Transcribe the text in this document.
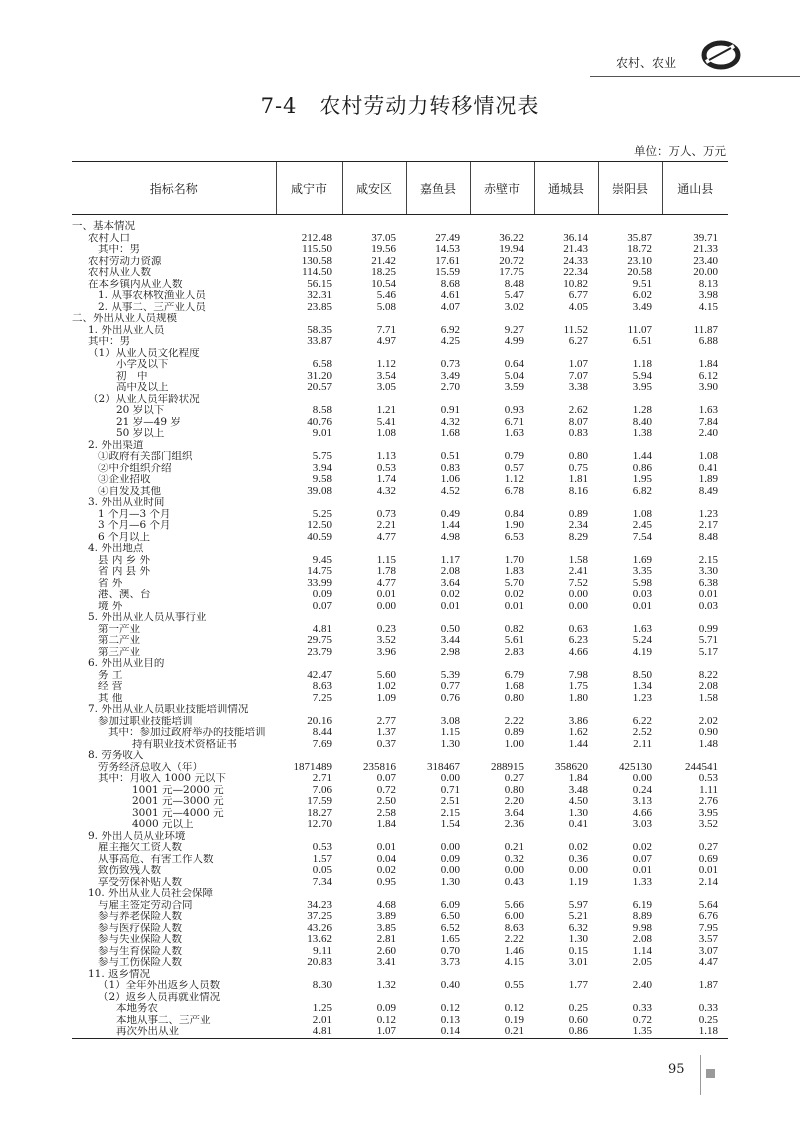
农村、农业
7-4　农村劳动力转移情况表
单位：万人、万元
指标名称	咸宁市	咸安区	嘉鱼县	赤壁市	通城县	崇阳县	通山县
一、基本情况							
农村人口	212.48	37.05	27.49	36.22	36.14	35.87	39.71
其中：男	115.50	19.56	14.53	19.94	21.43	18.72	21.33
农村劳动力资源	130.58	21.42	17.61	20.72	24.33	23.10	23.40
农村从业人数	114.50	18.25	15.59	17.75	22.34	20.58	20.00
在本乡镇内从业人数	56.15	10.54	8.68	8.48	10.82	9.51	8.13
1. 从事农林牧渔业人员	32.31	5.46	4.61	5.47	6.77	6.02	3.98
2. 从事二、三产业人员	23.85	5.08	4.07	3.02	4.05	3.49	4.15
二、外出从业人员规模							
1. 外出从业人员	58.35	7.71	6.92	9.27	11.52	11.07	11.87
其中：男	33.87	4.97	4.25	4.99	6.27	6.51	6.88
（1）从业人员文化程度							
小学及以下	6.58	1.12	0.73	0.64	1.07	1.18	1.84
初　中	31.20	3.54	3.49	5.04	7.07	5.94	6.12
高中及以上	20.57	3.05	2.70	3.59	3.38	3.95	3.90
（2）从业人员年龄状况							
20 岁以下	8.58	1.21	0.91	0.93	2.62	1.28	1.63
21 岁—49 岁	40.76	5.41	4.32	6.71	8.07	8.40	7.84
50 岁以上	9.01	1.08	1.68	1.63	0.83	1.38	2.40
2. 外出渠道							
①政府有关部门组织	5.75	1.13	0.51	0.79	0.80	1.44	1.08
②中介组织介绍	3.94	0.53	0.83	0.57	0.75	0.86	0.41
③企业招收	9.58	1.74	1.06	1.12	1.81	1.95	1.89
④自发及其他	39.08	4.32	4.52	6.78	8.16	6.82	8.49
3. 外出从业时间							
1 个月—3 个月	5.25	0.73	0.49	0.84	0.89	1.08	1.23
3 个月—6 个月	12.50	2.21	1.44	1.90	2.34	2.45	2.17
6 个月以上	40.59	4.77	4.98	6.53	8.29	7.54	8.48
4. 外出地点							
县 内 乡 外	9.45	1.15	1.17	1.70	1.58	1.69	2.15
省 内 县 外	14.75	1.78	2.08	1.83	2.41	3.35	3.30
省 外	33.99	4.77	3.64	5.70	7.52	5.98	6.38
港、澳、台	0.09	0.01	0.02	0.02	0.00	0.03	0.01
境 外	0.07	0.00	0.01	0.01	0.00	0.01	0.03
5. 外出从业人员从事行业							
第一产业	4.81	0.23	0.50	0.82	0.63	1.63	0.99
第二产业	29.75	3.52	3.44	5.61	6.23	5.24	5.71
第三产业	23.79	3.96	2.98	2.83	4.66	4.19	5.17
6. 外出从业目的							
务 工	42.47	5.60	5.39	6.79	7.98	8.50	8.22
经 营	8.63	1.02	0.77	1.68	1.75	1.34	2.08
其 他	7.25	1.09	0.76	0.80	1.80	1.23	1.58
7. 外出从业人员职业技能培训情况							
参加过职业技能培训	20.16	2.77	3.08	2.22	3.86	6.22	2.02
其中：参加过政府举办的技能培训	8.44	1.37	1.15	0.89	1.62	2.52	0.90
持有职业技术资格证书	7.69	0.37	1.30	1.00	1.44	2.11	1.48
8. 劳务收入							
劳务经济总收入（年）	1871489	235816	318467	288915	358620	425130	244541
其中：月收入 1000 元以下	2.71	0.07	0.00	0.27	1.84	0.00	0.53
1001 元—2000 元	7.06	0.72	0.71	0.80	3.48	0.24	1.11
2001 元—3000 元	17.59	2.50	2.51	2.20	4.50	3.13	2.76
3001 元—4000 元	18.27	2.58	2.15	3.64	1.30	4.66	3.95
4000 元以上	12.70	1.84	1.54	2.36	0.41	3.03	3.52
9. 外出人员从业环境							
雇主拖欠工资人数	0.53	0.01	0.00	0.21	0.02	0.02	0.27
从事高危、有害工作人数	1.57	0.04	0.09	0.32	0.36	0.07	0.69
致伤致残人数	0.05	0.02	0.00	0.00	0.00	0.01	0.01
享受劳保补贴人数	7.34	0.95	1.30	0.43	1.19	1.33	2.14
10. 外出从业人员社会保障							
与雇主签定劳动合同	34.23	4.68	6.09	5.66	5.97	6.19	5.64
参与养老保险人数	37.25	3.89	6.50	6.00	5.21	8.89	6.76
参与医疗保险人数	43.26	3.85	6.52	8.63	6.32	9.98	7.95
参与失业保险人数	13.62	2.81	1.65	2.22	1.30	2.08	3.57
参与生育保险人数	9.11	2.60	0.70	1.46	0.15	1.14	3.07
参与工伤保险人数	20.83	3.41	3.73	4.15	3.01	2.05	4.47
11. 返乡情况							
（1）全年外出返乡人员数	8.30	1.32	0.40	0.55	1.77	2.40	1.87
（2）返乡人员再就业情况							
本地务农	1.25	0.09	0.12	0.12	0.25	0.33	0.33
本地从事二、三产业	2.01	0.12	0.13	0.19	0.60	0.72	0.25
再次外出从业	4.81	1.07	0.14	0.21	0.86	1.35	1.18
95
